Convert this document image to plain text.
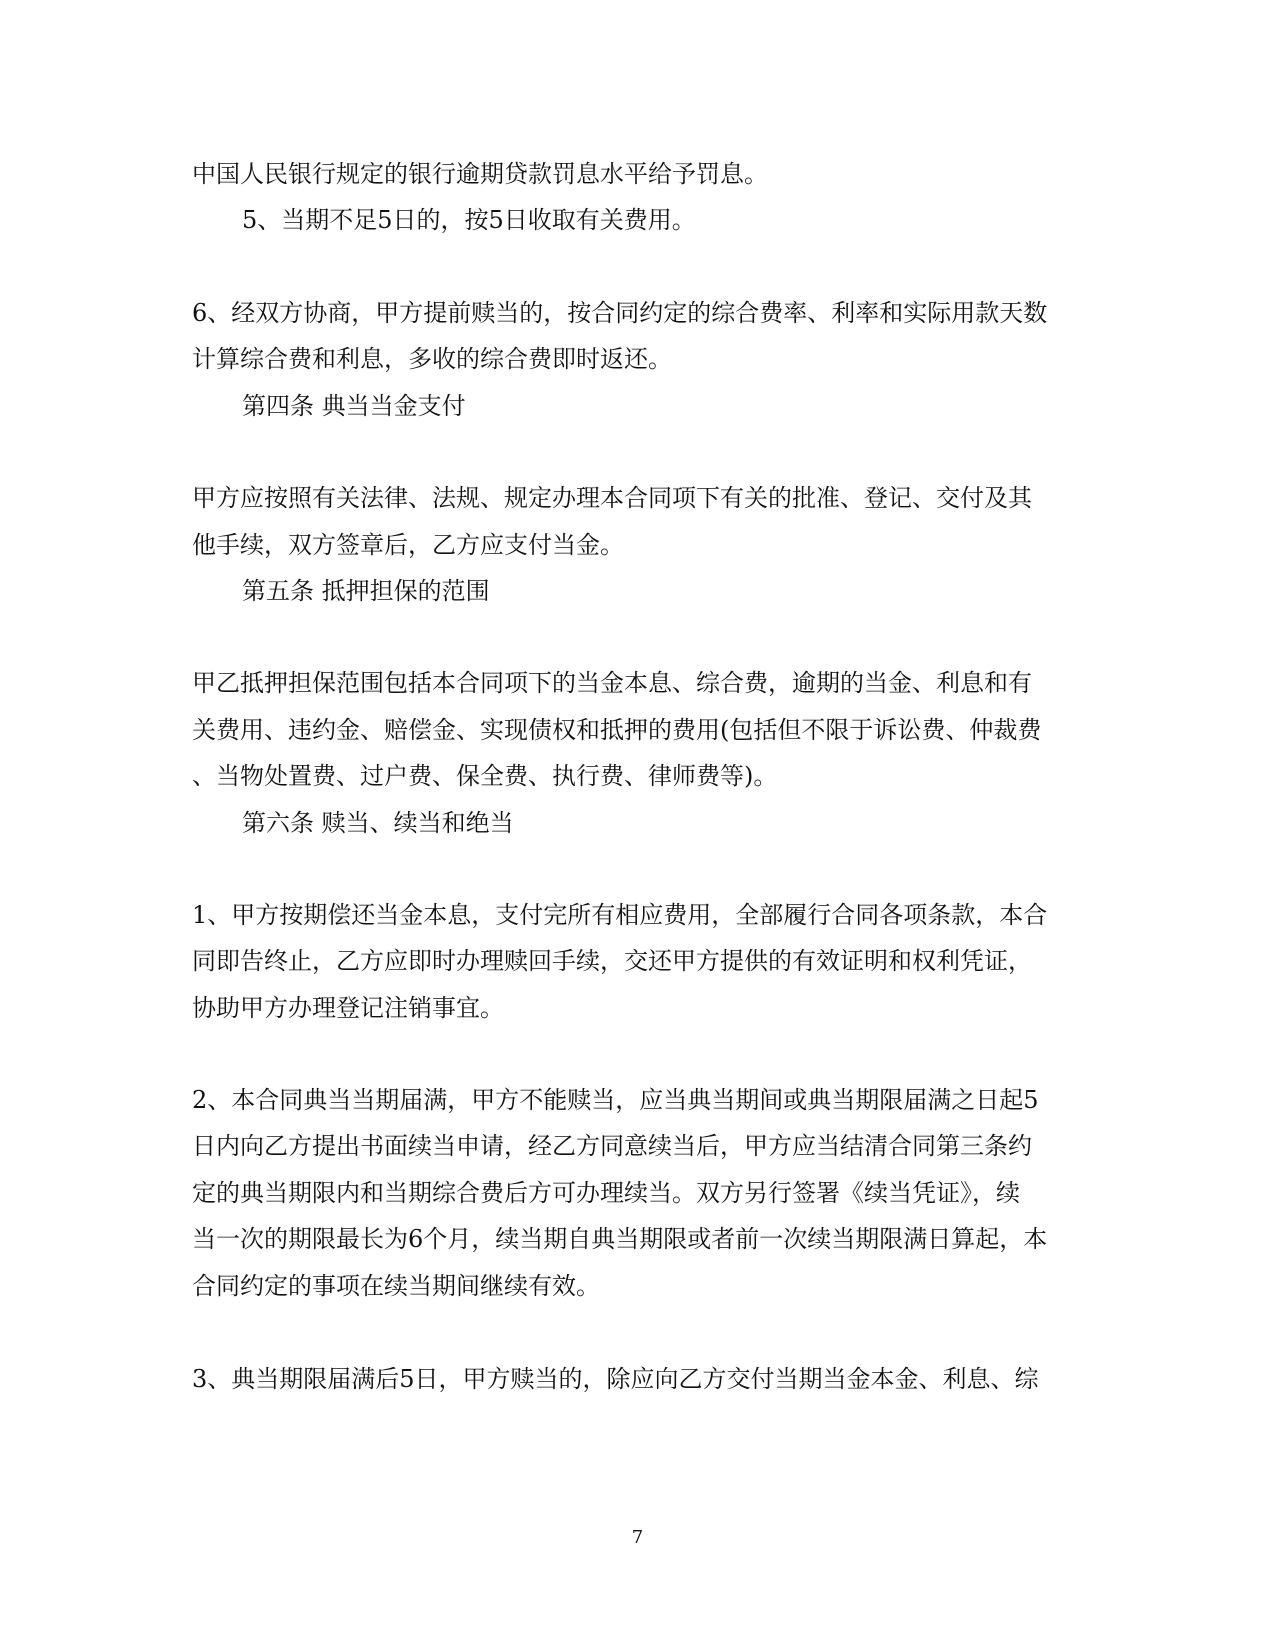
中国人民银行规定的银行逾期贷款罚息水平给予罚息。
5、当期不足5日的，按5日收取有关费用。
6、经双方协商，甲方提前赎当的，按合同约定的综合费率、利率和实际用款天数
计算综合费和利息，多收的综合费即时返还。
第四条 典当当金支付
甲方应按照有关法律、法规、规定办理本合同项下有关的批准、登记、交付及其
他手续，双方签章后，乙方应支付当金。
第五条 抵押担保的范围
甲乙抵押担保范围包括本合同项下的当金本息、综合费，逾期的当金、利息和有
关费用、违约金、赔偿金、实现债权和抵押的费用(包括但不限于诉讼费、仲裁费
、当物处置费、过户费、保全费、执行费、律师费等)。
第六条 赎当、续当和绝当
1、甲方按期偿还当金本息，支付完所有相应费用，全部履行合同各项条款，本合
同即告终止，乙方应即时办理赎回手续，交还甲方提供的有效证明和权利凭证，
协助甲方办理登记注销事宜。
2、本合同典当当期届满，甲方不能赎当，应当典当期间或典当期限届满之日起5
日内向乙方提出书面续当申请，经乙方同意续当后，甲方应当结清合同第三条约
定的典当期限内和当期综合费后方可办理续当。双方另行签署《续当凭证》，续
当一次的期限最长为6个月，续当期自典当期限或者前一次续当期限满日算起，本
合同约定的事项在续当期间继续有效。
3、典当期限届满后5日，甲方赎当的，除应向乙方交付当期当金本金、利息、综
7
